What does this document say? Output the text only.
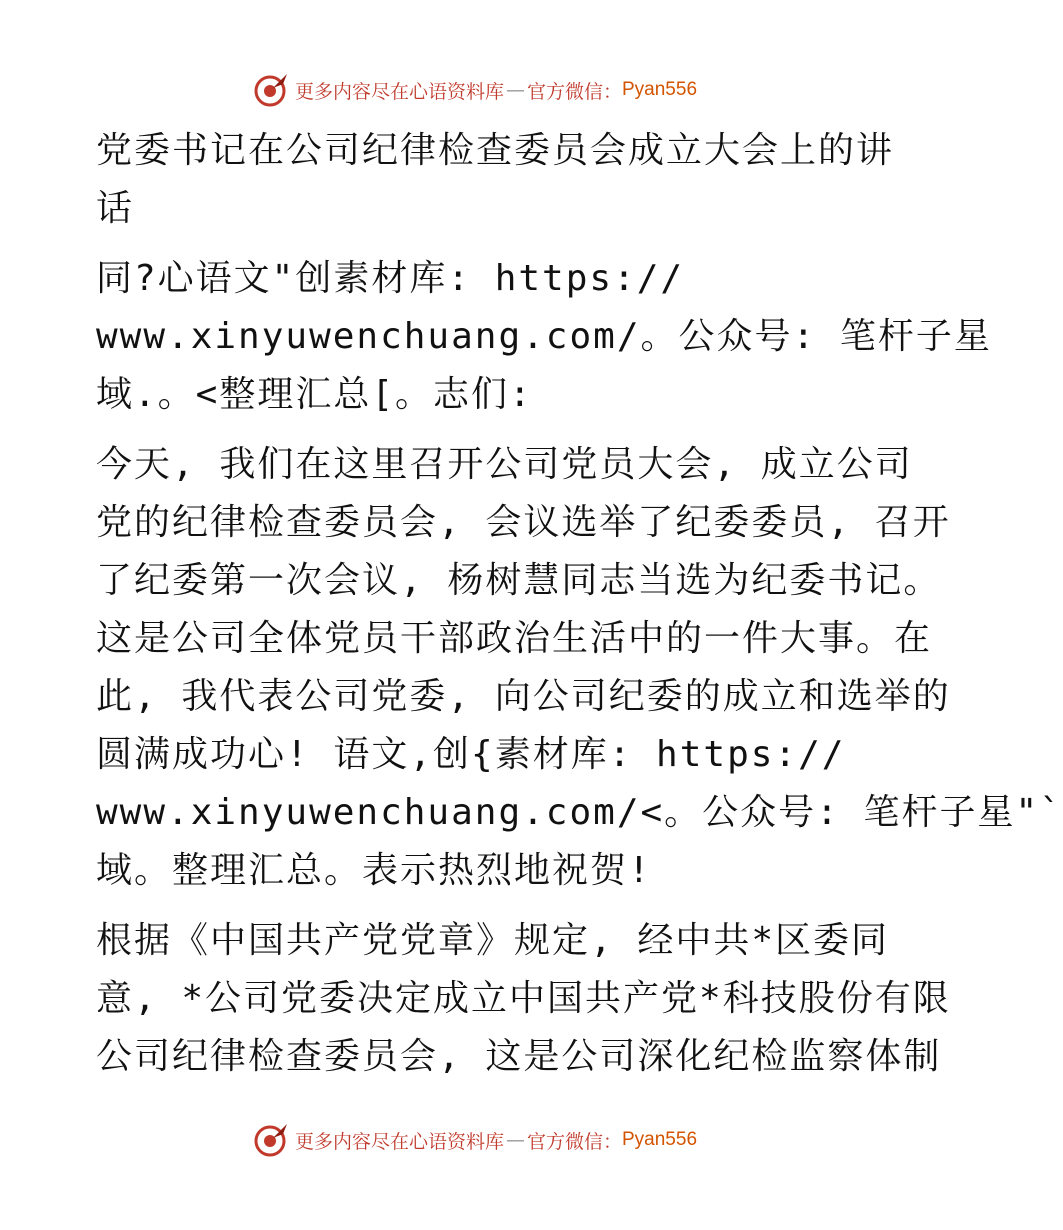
更多内容尽在心语资料库 — 官方微信： Pyan556

党委书记在公司纪律检查委员会成立大会上的讲

话

同?心语文"创素材库: https://

www.xinyuwenchuang.com/。公众号: 笔杆子星

域.。<整理汇总[。志们:

今天, 我们在这里召开公司党员大会, 成立公司

党的纪律检查委员会, 会议选举了纪委委员, 召开

了纪委第一次会议, 杨树慧同志当选为纪委书记。

这是公司全体党员干部政治生活中的一件大事。在

此, 我代表公司党委, 向公司纪委的成立和选举的

圆满成功心! 语文,创{素材库: https://

www.xinyuwenchuang.com/<。公众号: 笔杆子星"`

域。整理汇总。表示热烈地祝贺!

根据《中国共产党党章》规定, 经中共*区委同

意, *公司党委决定成立中国共产党*科技股份有限

公司纪律检查委员会, 这是公司深化纪检监察体制

更多内容尽在心语资料库 — 官方微信： Pyan556
